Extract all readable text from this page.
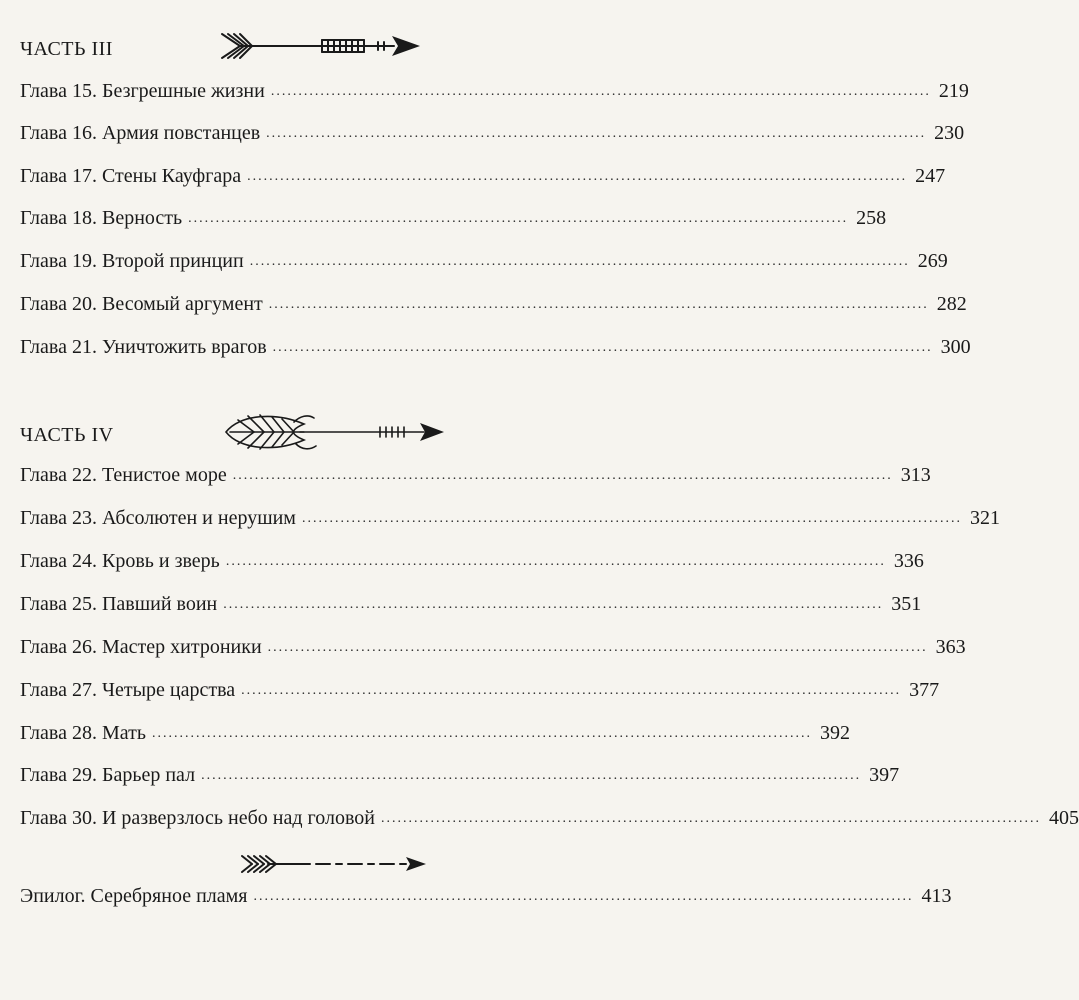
ЧАСТЬ III
Глава 15. Безгрешные жизни ........................................................................................................................ 219
Глава 16. Армия повстанцев ........................................................................................................................ 230
Глава 17. Стены Кауфгара ........................................................................................................................ 247
Глава 18. Верность ........................................................................................................................ 258
Глава 19. Второй принцип ........................................................................................................................ 269
Глава 20. Весомый аргумент ........................................................................................................................ 282
Глава 21. Уничтожить врагов ........................................................................................................................ 300
ЧАСТЬ IV
Глава 22. Тенистое море ........................................................................................................................ 313
Глава 23. Абсолютен и нерушим ........................................................................................................................ 321
Глава 24. Кровь и зверь ........................................................................................................................ 336
Глава 25. Павший воин ........................................................................................................................ 351
Глава 26. Мастер хитроники ........................................................................................................................ 363
Глава 27. Четыре царства ........................................................................................................................ 377
Глава 28. Мать ........................................................................................................................ 392
Глава 29. Барьер пал ........................................................................................................................ 397
Глава 30. И разверзлось небо над головой ........................................................................................................................ 405
Эпилог. Серебряное пламя ........................................................................................................................ 413
